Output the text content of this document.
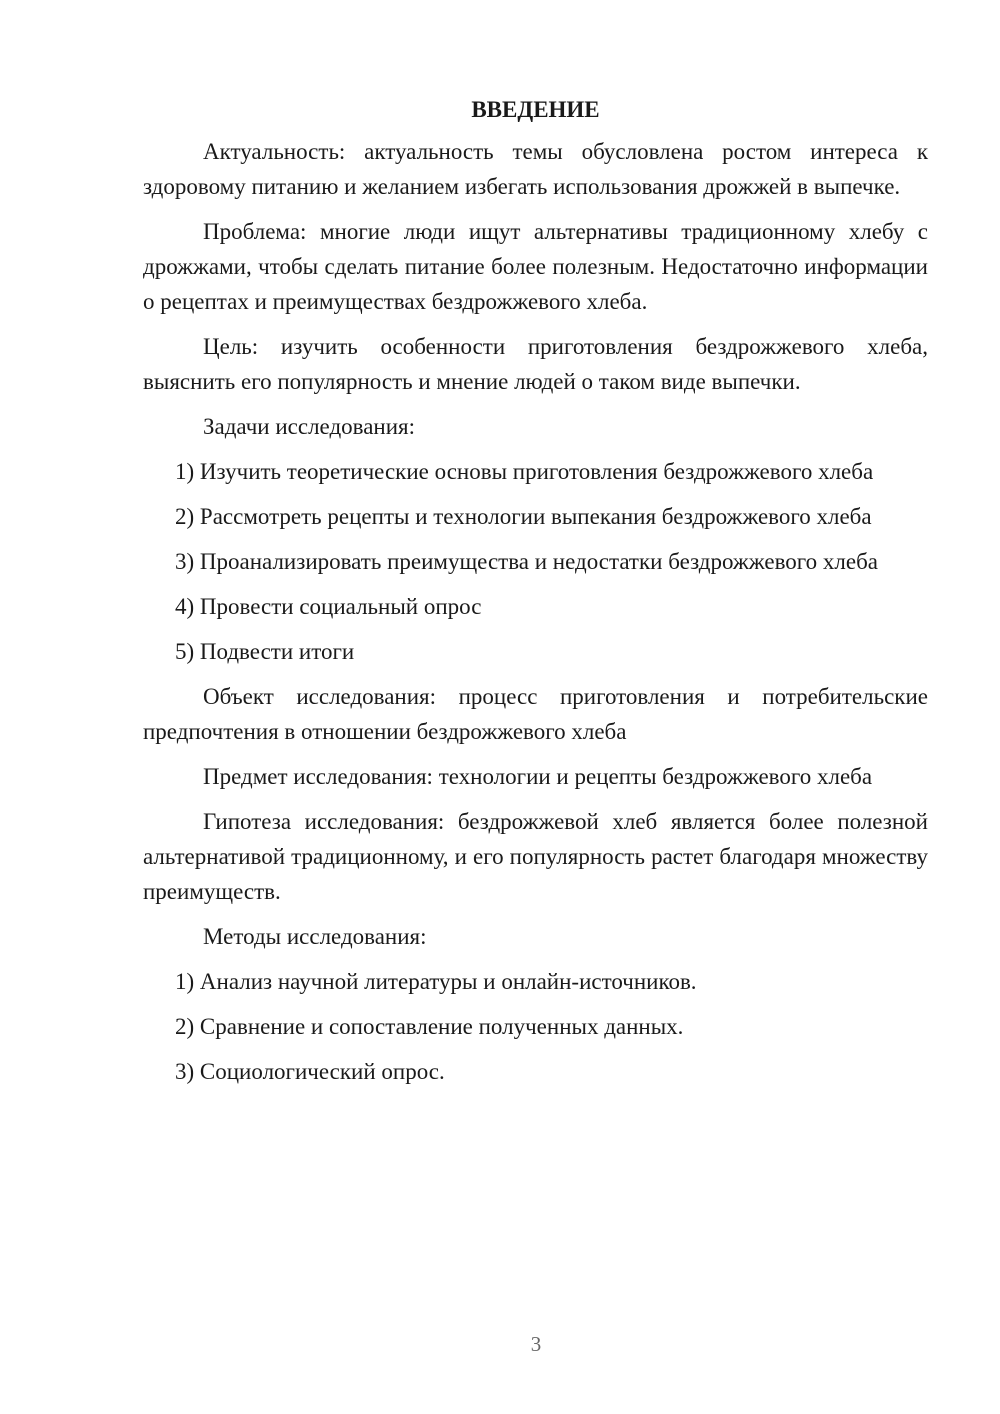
ВВЕДЕНИЕ

Актуальность: актуальность темы обусловлена ростом интереса к здоровому питанию и желанием избегать использования дрожжей в выпечке.

Проблема: многие люди ищут альтернативы традиционному хлебу с дрожжами, чтобы сделать питание более полезным. Недостаточно информации о рецептах и преимуществах бездрожжевого хлеба.

Цель: изучить особенности приготовления бездрожжевого хлеба, выяснить его популярность и мнение людей о таком виде выпечки.

Задачи исследования:

1) Изучить теоретические основы приготовления бездрожжевого хлеба

2) Рассмотреть рецепты и технологии выпекания бездрожжевого хлеба

3) Проанализировать преимущества и недостатки бездрожжевого хлеба

4) Провести социальный опрос

5) Подвести итоги

Объект исследования: процесс приготовления и потребительские предпочтения в отношении бездрожжевого хлеба

Предмет исследования: технологии и рецепты бездрожжевого хлеба

Гипотеза исследования: бездрожжевой хлеб является более полезной альтернативой традиционному, и его популярность растет благодаря множеству преимуществ.

Методы исследования:

1) Анализ научной литературы и онлайн-источников.

2) Сравнение и сопоставление полученных данных.

3) Социологический опрос.

3
